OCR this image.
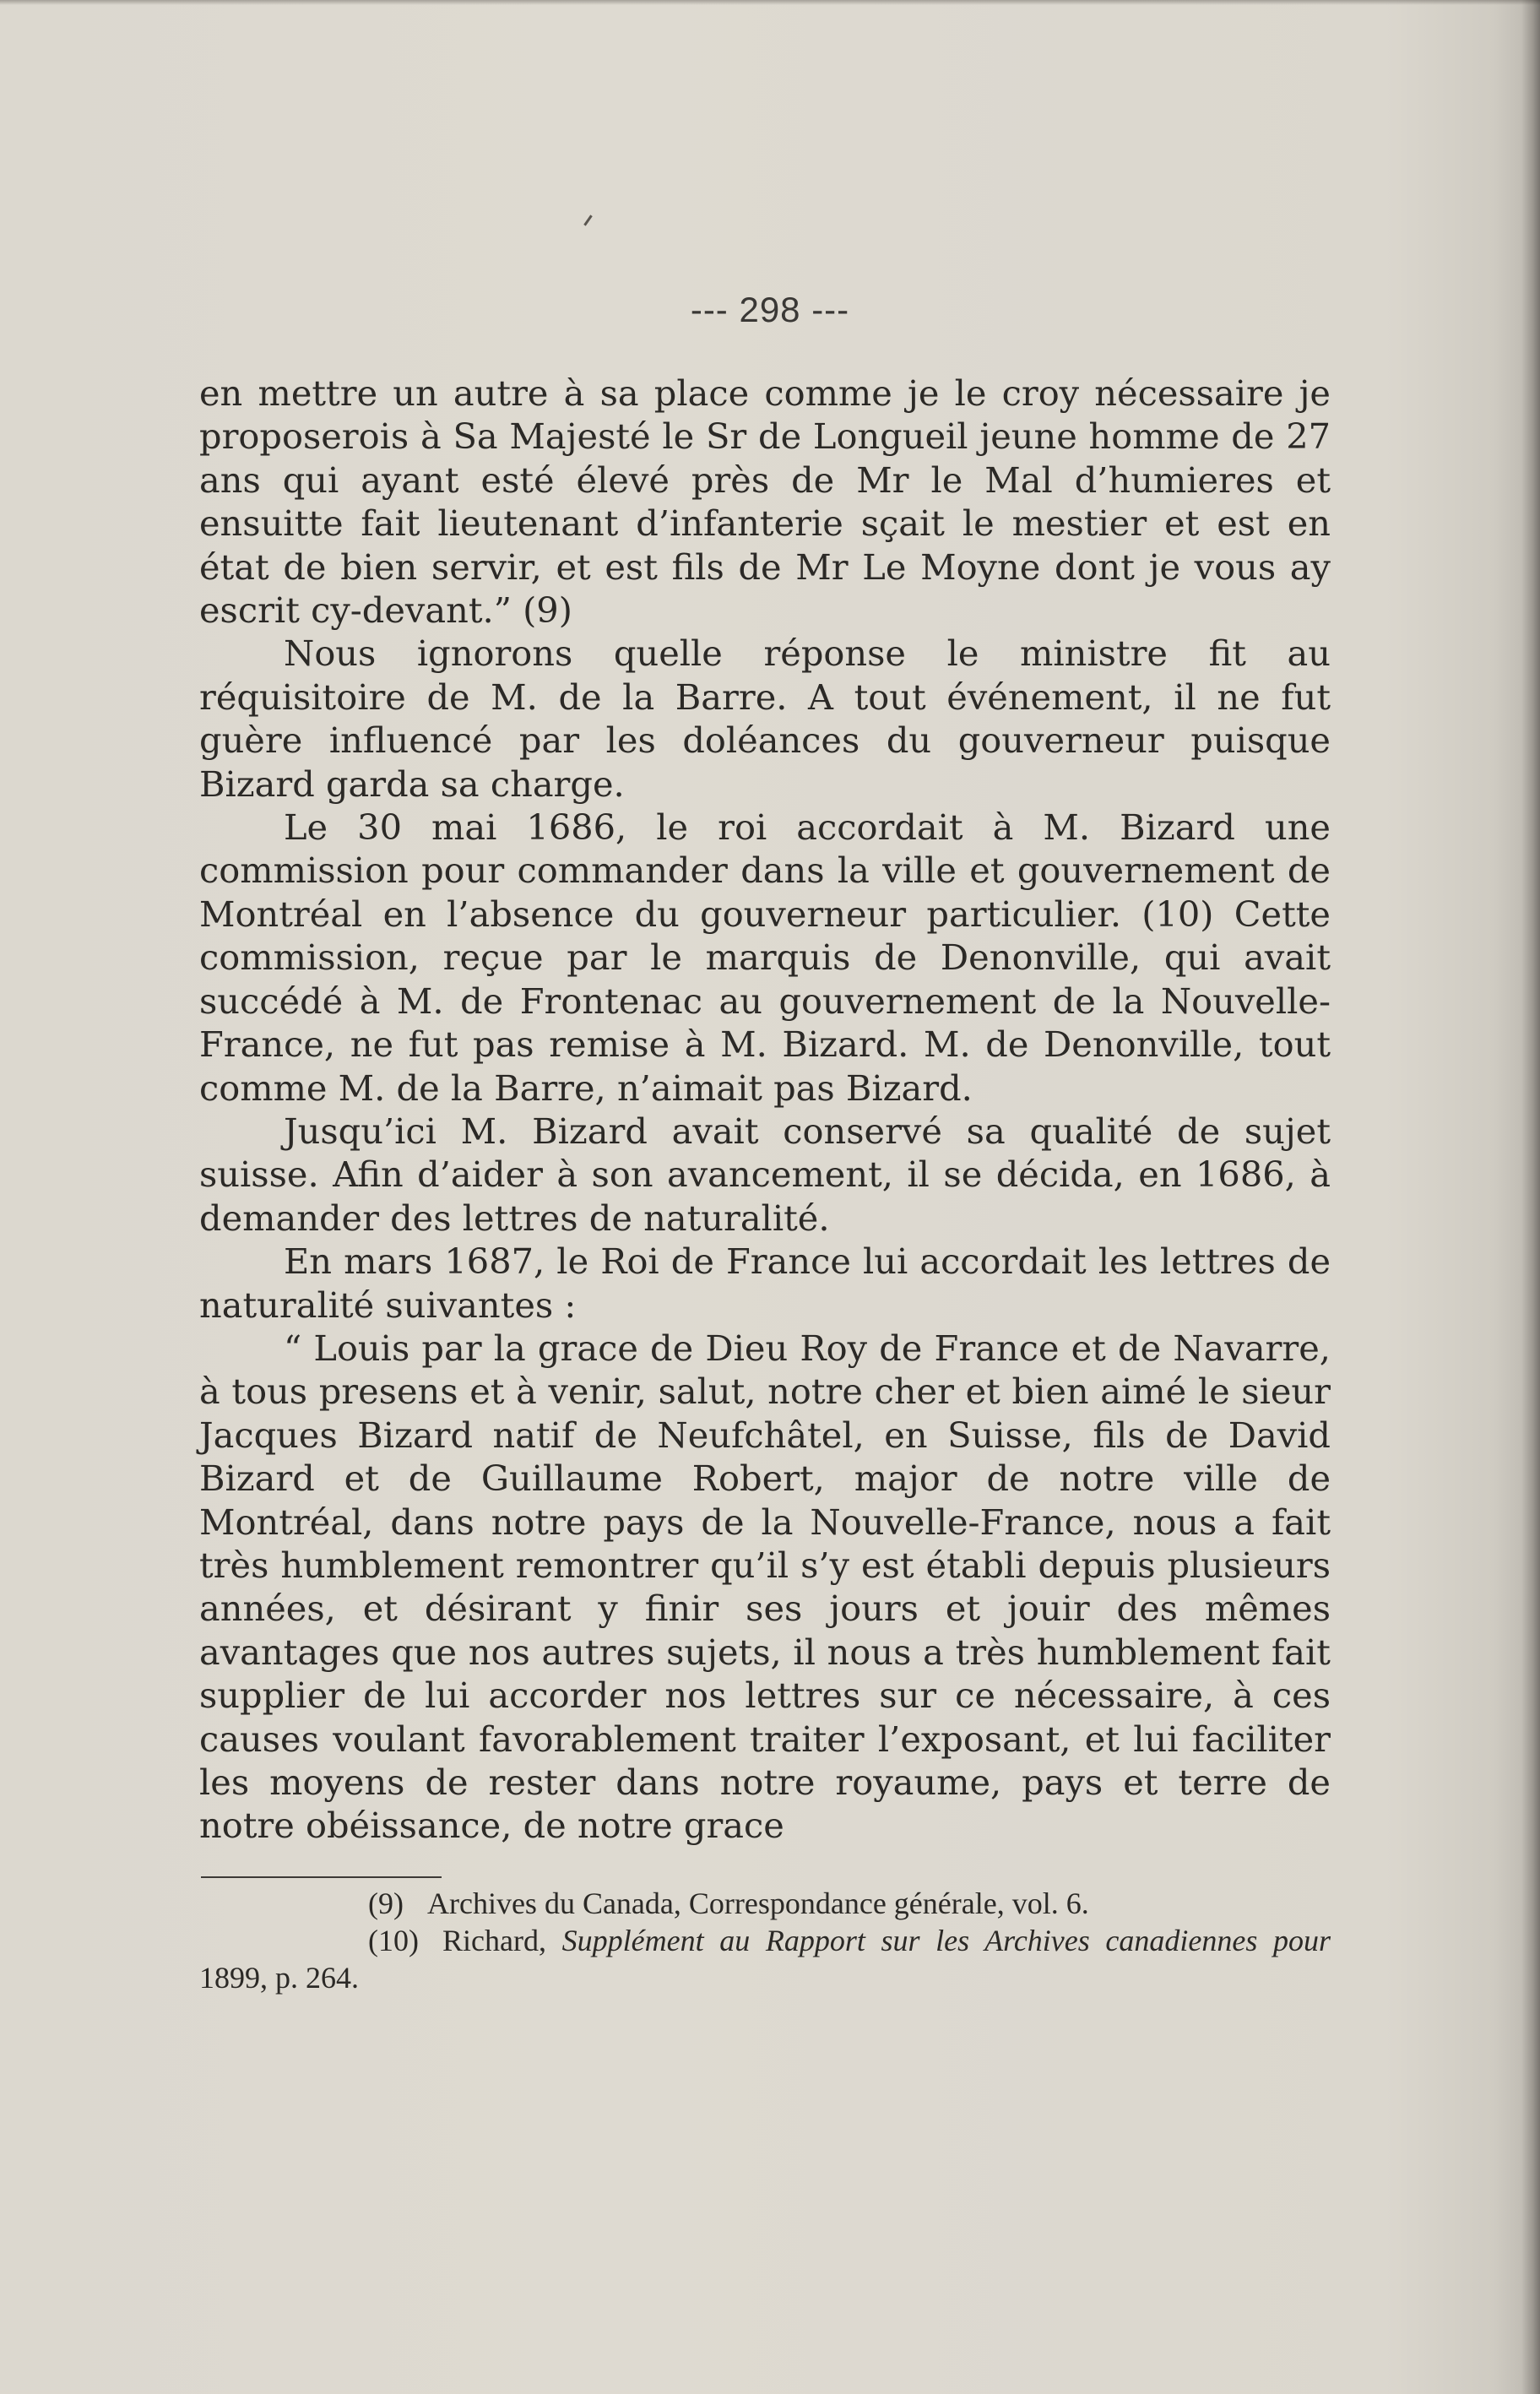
--- 298 ---

en mettre un autre à sa place comme je le croy nécessaire je proposerois à Sa Majesté le Sr de Longueil jeune homme de 27 ans qui ayant esté élevé près de Mr le Mal d’humieres et ensuitte fait lieutenant d’infanterie sçait le mestier et est en état de bien servir, et est fils de Mr Le Moyne dont je vous ay escrit cy-devant.” (9)

Nous ignorons quelle réponse le ministre fit au réquisitoire de M. de la Barre. A tout événement, il ne fut guère influencé par les doléances du gouverneur puisque Bizard garda sa charge.

Le 30 mai 1686, le roi accordait à M. Bizard une commission pour commander dans la ville et gouvernement de Montréal en l’absence du gouverneur particulier. (10) Cette commission, reçue par le marquis de Denonville, qui avait succédé à M. de Frontenac au gouvernement de la Nouvelle-France, ne fut pas remise à M. Bizard. M. de Denonville, tout comme M. de la Barre, n’aimait pas Bizard.

Jusqu’ici M. Bizard avait conservé sa qualité de sujet suisse. Afin d’aider à son avancement, il se décida, en 1686, à demander des lettres de naturalité.

En mars 1687, le Roi de France lui accordait les lettres de naturalité suivantes :

“ Louis par la grace de Dieu Roy de France et de Navarre, à tous presens et à venir, salut, notre cher et bien aimé le sieur Jacques Bizard natif de Neufchâtel, en Suisse, fils de David Bizard et de Guillaume Robert, major de notre ville de Montréal, dans notre pays de la Nouvelle-France, nous a fait très humblement remontrer qu’il s’y est établi depuis plusieurs années, et désirant y finir ses jours et jouir des mêmes avantages que nos autres sujets, il nous a très humblement fait supplier de lui accorder nos lettres sur ce nécessaire, à ces causes voulant favorablement traiter l’exposant, et lui faciliter les moyens de rester dans notre royaume, pays et terre de notre obéissance, de notre grace

(9) Archives du Canada, Correspondance générale, vol. 6.

(10) Richard, Supplément au Rapport sur les Archives canadiennes pour 1899, p. 264.
